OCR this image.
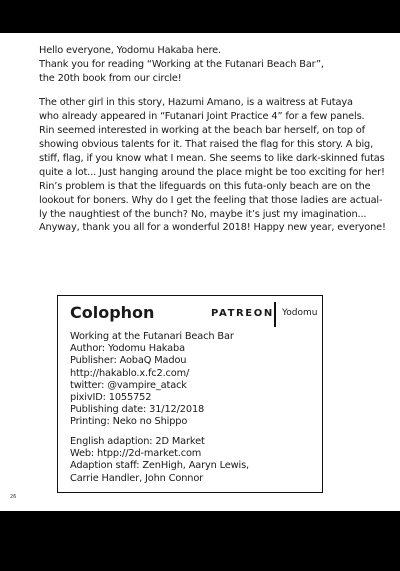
Hello everyone, Yodomu Hakaba here.
Thank you for reading “Working at the Futanari Beach Bar”,
the 20th book from our circle!
The other girl in this story, Hazumi Amano, is a waitress at Futaya
who already appeared in “Futanari Joint Practice 4” for a few panels.
Rin seemed interested in working at the beach bar herself, on top of
showing obvious talents for it. That raised the flag for this story. A big,
stiff, flag, if you know what I mean. She seems to like dark-skinned futas
quite a lot... Just hanging around the place might be too exciting for her!
Rin’s problem is that the lifeguards on this futa-only beach are on the
lookout for boners. Why do I get the feeling that those ladies are actual-
ly the naughtiest of the bunch? No, maybe it’s just my imagination...
Anyway, thank you all for a wonderful 2018! Happy new year, everyone!
Colophon	PATREON Yodomu
Working at the Futanari Beach Bar
Author: Yodomu Hakaba
Publisher: AobaQ Madou
http://hakablo.x.fc2.com/
twitter: @vampire_atack
pixivID: 1055752
Publishing date: 31/12/2018
Printing: Neko no Shippo
English adaption: 2D Market
Web: htpp://2d-market.com
Adaption staff: ZenHigh, Aaryn Lewis,
Carrie Handler, John Connor
26
